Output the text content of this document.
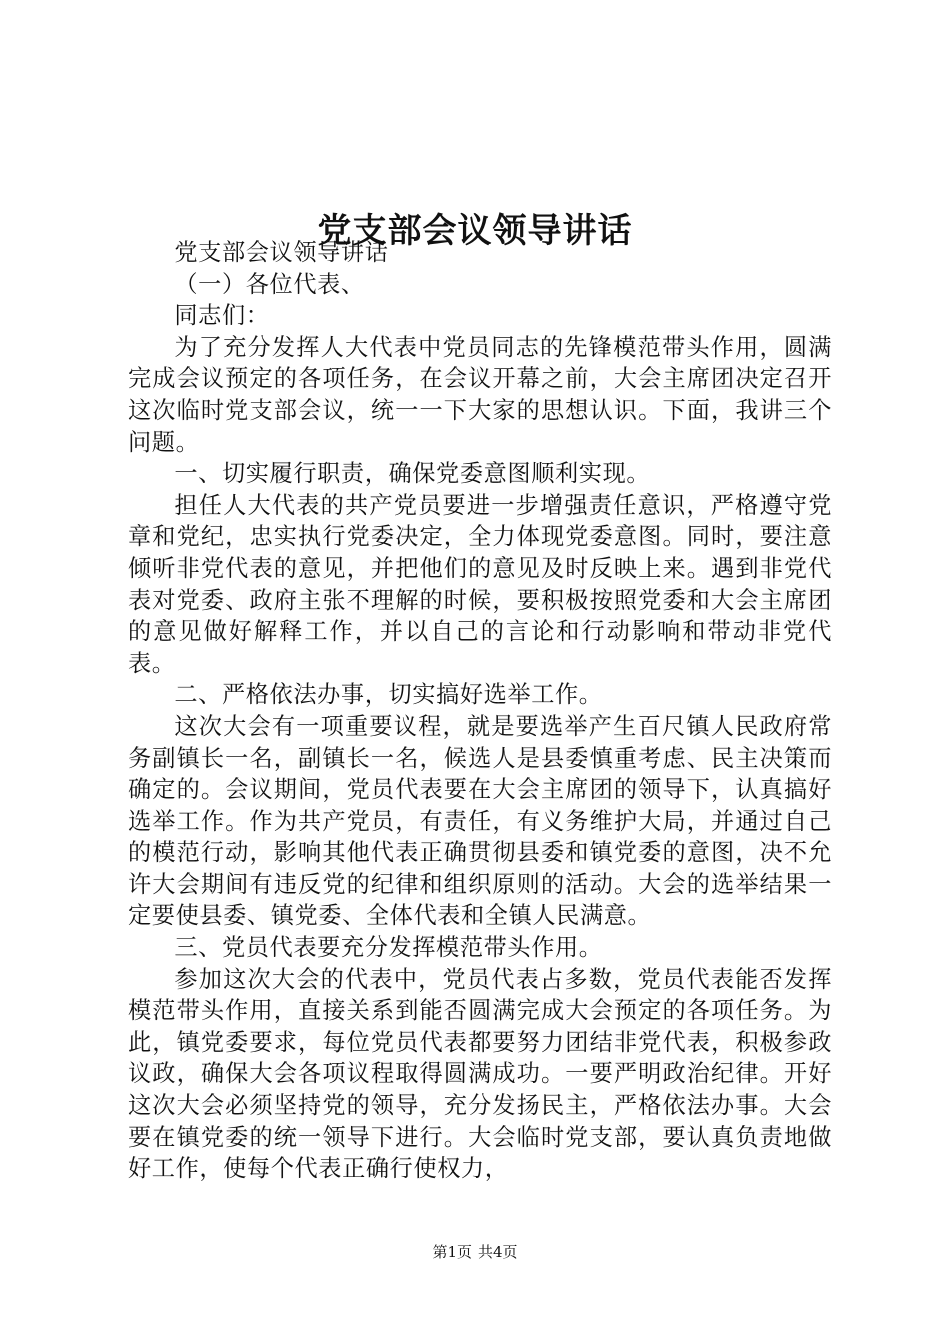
党支部会议领导讲话

党支部会议领导讲话

（一）各位代表、

同志们：

为了充分发挥人大代表中党员同志的先锋模范带头作用，圆满完成会议预定的各项任务，在会议开幕之前，大会主席团决定召开这次临时党支部会议，统一一下大家的思想认识。下面，我讲三个问题。

一、切实履行职责，确保党委意图顺利实现。

担任人大代表的共产党员要进一步增强责任意识，严格遵守党章和党纪，忠实执行党委决定，全力体现党委意图。同时，要注意倾听非党代表的意见，并把他们的意见及时反映上来。遇到非党代表对党委、政府主张不理解的时候，要积极按照党委和大会主席团的意见做好解释工作，并以自己的言论和行动影响和带动非党代表。

二、严格依法办事，切实搞好选举工作。

这次大会有一项重要议程，就是要选举产生百尺镇人民政府常务副镇长一名，副镇长一名，候选人是县委慎重考虑、民主决策而确定的。会议期间，党员代表要在大会主席团的领导下，认真搞好选举工作。作为共产党员，有责任，有义务维护大局，并通过自己的模范行动，影响其他代表正确贯彻县委和镇党委的意图，决不允许大会期间有违反党的纪律和组织原则的活动。大会的选举结果一定要使县委、镇党委、全体代表和全镇人民满意。

三、党员代表要充分发挥模范带头作用。

参加这次大会的代表中，党员代表占多数，党员代表能否发挥模范带头作用，直接关系到能否圆满完成大会预定的各项任务。为此，镇党委要求，每位党员代表都要努力团结非党代表，积极参政议政，确保大会各项议程取得圆满成功。一要严明政治纪律。开好这次大会必须坚持党的领导，充分发扬民主，严格依法办事。大会要在镇党委的统一领导下进行。大会临时党支部，要认真负责地做好工作，使每个代表正确行使权力，

第1页 共4页
